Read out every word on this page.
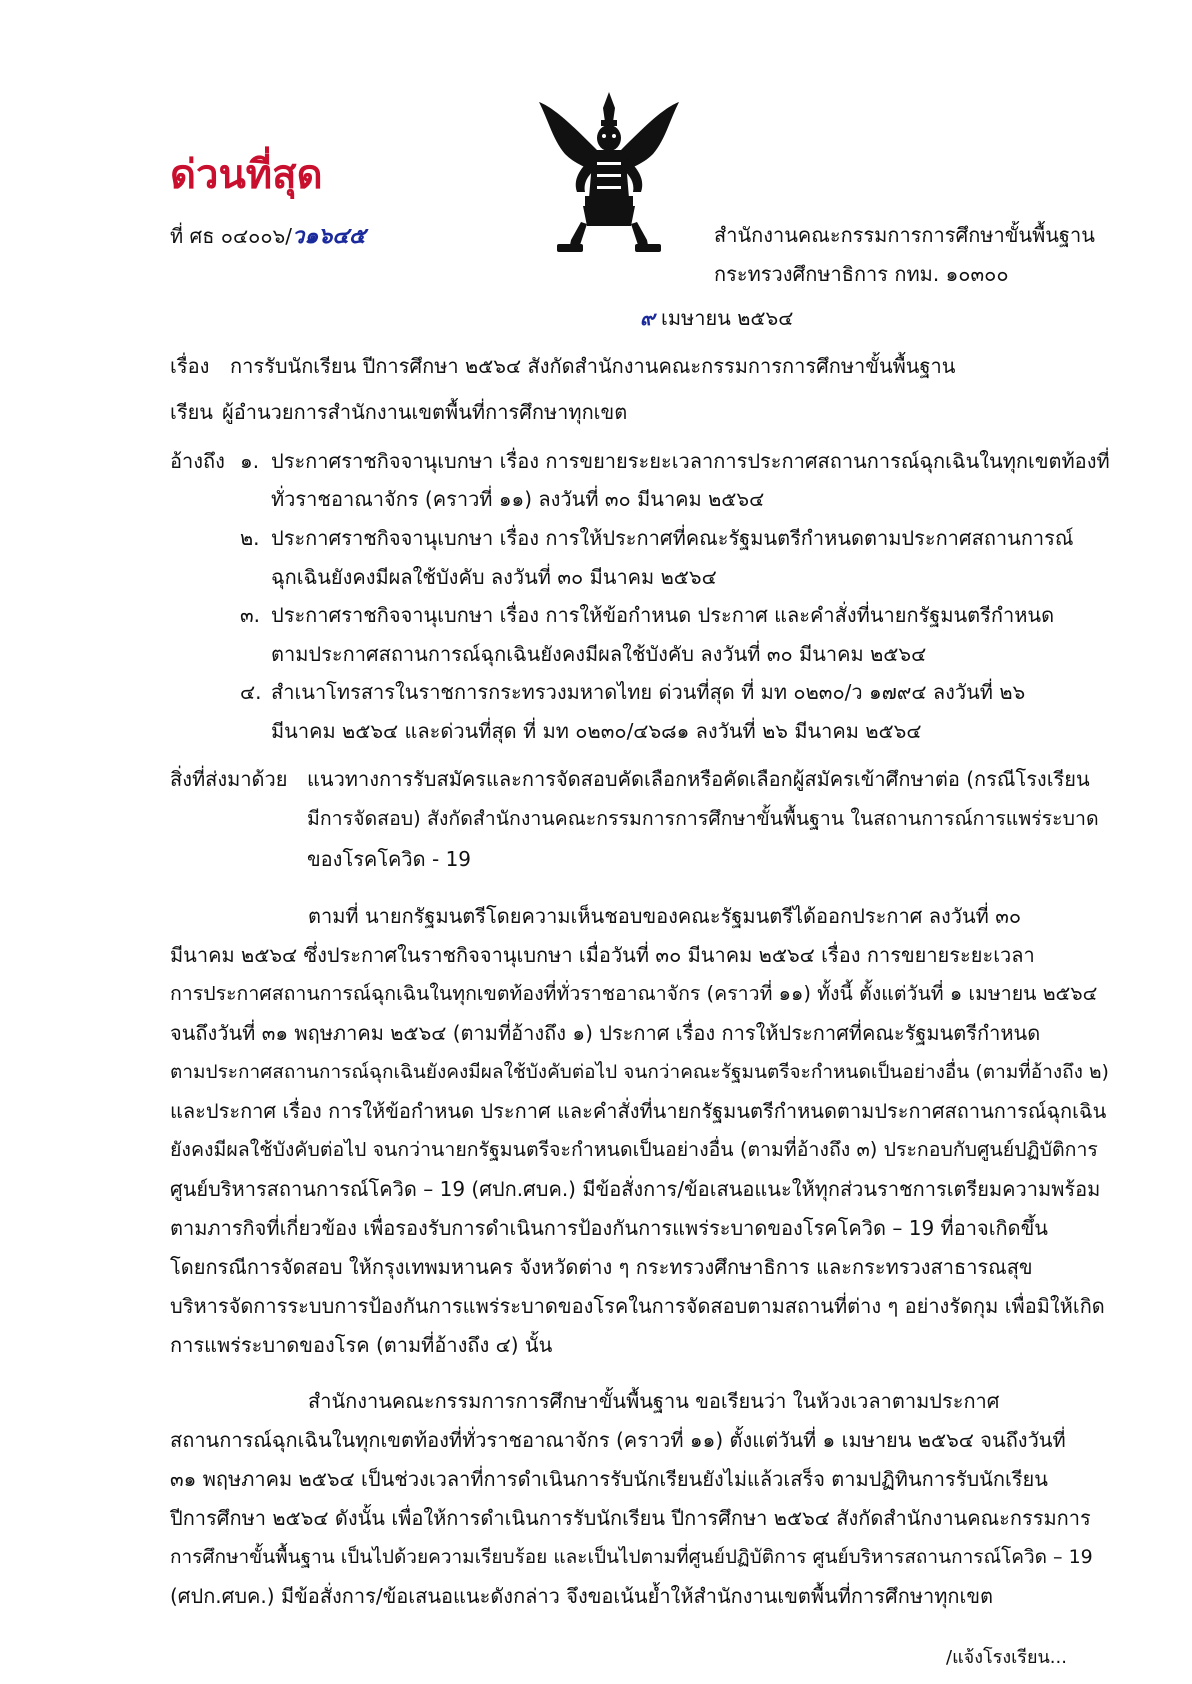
ด่วนที่สุด
ที่ ศธ ๐๔๐๐๖/ว๑๖๔๕	สำนักงานคณะกรรมการการศึกษาขั้นพื้นฐาน
กระทรวงศึกษาธิการ กทม. ๑๐๓๐๐
๙ เมษายน ๒๕๖๔
เรื่อง การรับนักเรียน ปีการศึกษา ๒๕๖๔ สังกัดสำนักงานคณะกรรมการการศึกษาขั้นพื้นฐาน
เรียน ผู้อำนวยการสำนักงานเขตพื้นที่การศึกษาทุกเขต
อ้างถึง ๑. ประกาศราชกิจจานุเบกษา เรื่อง การขยายระยะเวลาการประกาศสถานการณ์ฉุกเฉินในทุกเขตท้องที่
ทั่วราชอาณาจักร (คราวที่ ๑๑) ลงวันที่ ๓๐ มีนาคม ๒๕๖๔
๒. ประกาศราชกิจจานุเบกษา เรื่อง การให้ประกาศที่คณะรัฐมนตรีกำหนดตามประกาศสถานการณ์
ฉุกเฉินยังคงมีผลใช้บังคับ ลงวันที่ ๓๐ มีนาคม ๒๕๖๔
๓. ประกาศราชกิจจานุเบกษา เรื่อง การให้ข้อกำหนด ประกาศ และคำสั่งที่นายกรัฐมนตรีกำหนด
ตามประกาศสถานการณ์ฉุกเฉินยังคงมีผลใช้บังคับ ลงวันที่ ๓๐ มีนาคม ๒๕๖๔
๔. สำเนาโทรสารในราชการกระทรวงมหาดไทย ด่วนที่สุด ที่ มท ๐๒๓๐/ว ๑๗๙๔ ลงวันที่ ๒๖
มีนาคม ๒๕๖๔ และด่วนที่สุด ที่ มท ๐๒๓๐/๔๖๘๑ ลงวันที่ ๒๖ มีนาคม ๒๕๖๔
สิ่งที่ส่งมาด้วย แนวทางการรับสมัครและการจัดสอบคัดเลือกหรือคัดเลือกผู้สมัครเข้าศึกษาต่อ (กรณีโรงเรียน
มีการจัดสอบ) สังกัดสำนักงานคณะกรรมการการศึกษาขั้นพื้นฐาน ในสถานการณ์การแพร่ระบาด
ของโรคโควิด - 19
ตามที่ นายกรัฐมนตรีโดยความเห็นชอบของคณะรัฐมนตรีได้ออกประกาศ ลงวันที่ ๓๐
มีนาคม ๒๕๖๔ ซึ่งประกาศในราชกิจจานุเบกษา เมื่อวันที่ ๓๐ มีนาคม ๒๕๖๔ เรื่อง การขยายระยะเวลา
การประกาศสถานการณ์ฉุกเฉินในทุกเขตท้องที่ทั่วราชอาณาจักร (คราวที่ ๑๑) ทั้งนี้ ตั้งแต่วันที่ ๑ เมษายน ๒๕๖๔
จนถึงวันที่ ๓๑ พฤษภาคม ๒๕๖๔ (ตามที่อ้างถึง ๑) ประกาศ เรื่อง การให้ประกาศที่คณะรัฐมนตรีกำหนด
ตามประกาศสถานการณ์ฉุกเฉินยังคงมีผลใช้บังคับต่อไป จนกว่าคณะรัฐมนตรีจะกำหนดเป็นอย่างอื่น (ตามที่อ้างถึง ๒)
และประกาศ เรื่อง การให้ข้อกำหนด ประกาศ และคำสั่งที่นายกรัฐมนตรีกำหนดตามประกาศสถานการณ์ฉุกเฉิน
ยังคงมีผลใช้บังคับต่อไป จนกว่านายกรัฐมนตรีจะกำหนดเป็นอย่างอื่น (ตามที่อ้างถึง ๓) ประกอบกับศูนย์ปฏิบัติการ
ศูนย์บริหารสถานการณ์โควิด – 19 (ศปก.ศบค.) มีข้อสั่งการ/ข้อเสนอแนะให้ทุกส่วนราชการเตรียมความพร้อม
ตามภารกิจที่เกี่ยวข้อง เพื่อรองรับการดำเนินการป้องกันการแพร่ระบาดของโรคโควิด – 19 ที่อาจเกิดขึ้น
โดยกรณีการจัดสอบ ให้กรุงเทพมหานคร จังหวัดต่าง ๆ กระทรวงศึกษาธิการ และกระทรวงสาธารณสุข
บริหารจัดการระบบการป้องกันการแพร่ระบาดของโรคในการจัดสอบตามสถานที่ต่าง ๆ อย่างรัดกุม เพื่อมิให้เกิด
การแพร่ระบาดของโรค (ตามที่อ้างถึง ๔) นั้น
สำนักงานคณะกรรมการการศึกษาขั้นพื้นฐาน ขอเรียนว่า ในห้วงเวลาตามประกาศ
สถานการณ์ฉุกเฉินในทุกเขตท้องที่ทั่วราชอาณาจักร (คราวที่ ๑๑) ตั้งแต่วันที่ ๑ เมษายน ๒๕๖๔ จนถึงวันที่
๓๑ พฤษภาคม ๒๕๖๔ เป็นช่วงเวลาที่การดำเนินการรับนักเรียนยังไม่แล้วเสร็จ ตามปฏิทินการรับนักเรียน
ปีการศึกษา ๒๕๖๔ ดังนั้น เพื่อให้การดำเนินการรับนักเรียน ปีการศึกษา ๒๕๖๔ สังกัดสำนักงานคณะกรรมการ
การศึกษาขั้นพื้นฐาน เป็นไปด้วยความเรียบร้อย และเป็นไปตามที่ศูนย์ปฏิบัติการ ศูนย์บริหารสถานการณ์โควิด – 19
(ศปก.ศบค.) มีข้อสั่งการ/ข้อเสนอแนะดังกล่าว จึงขอเน้นย้ำให้สำนักงานเขตพื้นที่การศึกษาทุกเขต
/แจ้งโรงเรียน...
